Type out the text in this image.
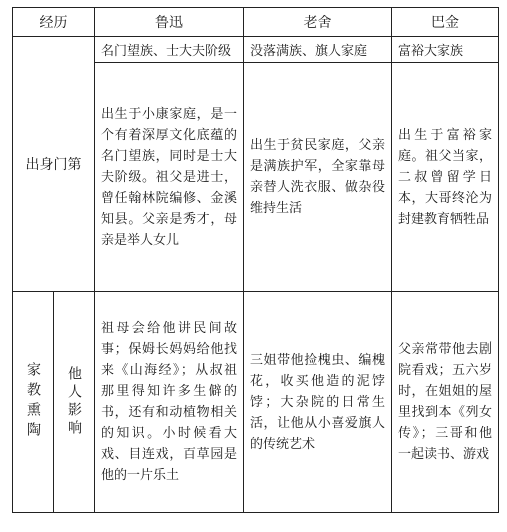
经历		鲁迅	老舍	巴金
出身门第		名门望族、士大夫阶级	没落满族、旗人家庭	富裕大家族
		出生于小康家庭，是一个有着深厚文化底蕴的名门望族，同时是士大夫阶级。祖父是进士，曾任翰林院编修、金溪知县。父亲是秀才，母亲是举人女儿	出生于贫民家庭，父亲是满族护军，全家靠母亲替人洗衣服、做杂役维持生活	出生于富裕家庭。祖父当家，二叔曾留学日本，大哥终沦为封建教育牺牲品

家教熏陶	他人影响	祖母会给他讲民间故事；保姆长妈妈给他找来《山海经》；从叔祖那里得知许多生僻的书，还有和动植物相关的知识。小时候看大戏、目连戏，百草园是他的一片乐土	三姐带他捡槐虫、编槐花，收买他造的泥饽饽；大杂院的日常生活，让他从小喜爱旗人的传统艺术	父亲常带他去剧院看戏；五六岁时，在姐姐的屋里找到本《列女传》；三哥和他一起读书、游戏
